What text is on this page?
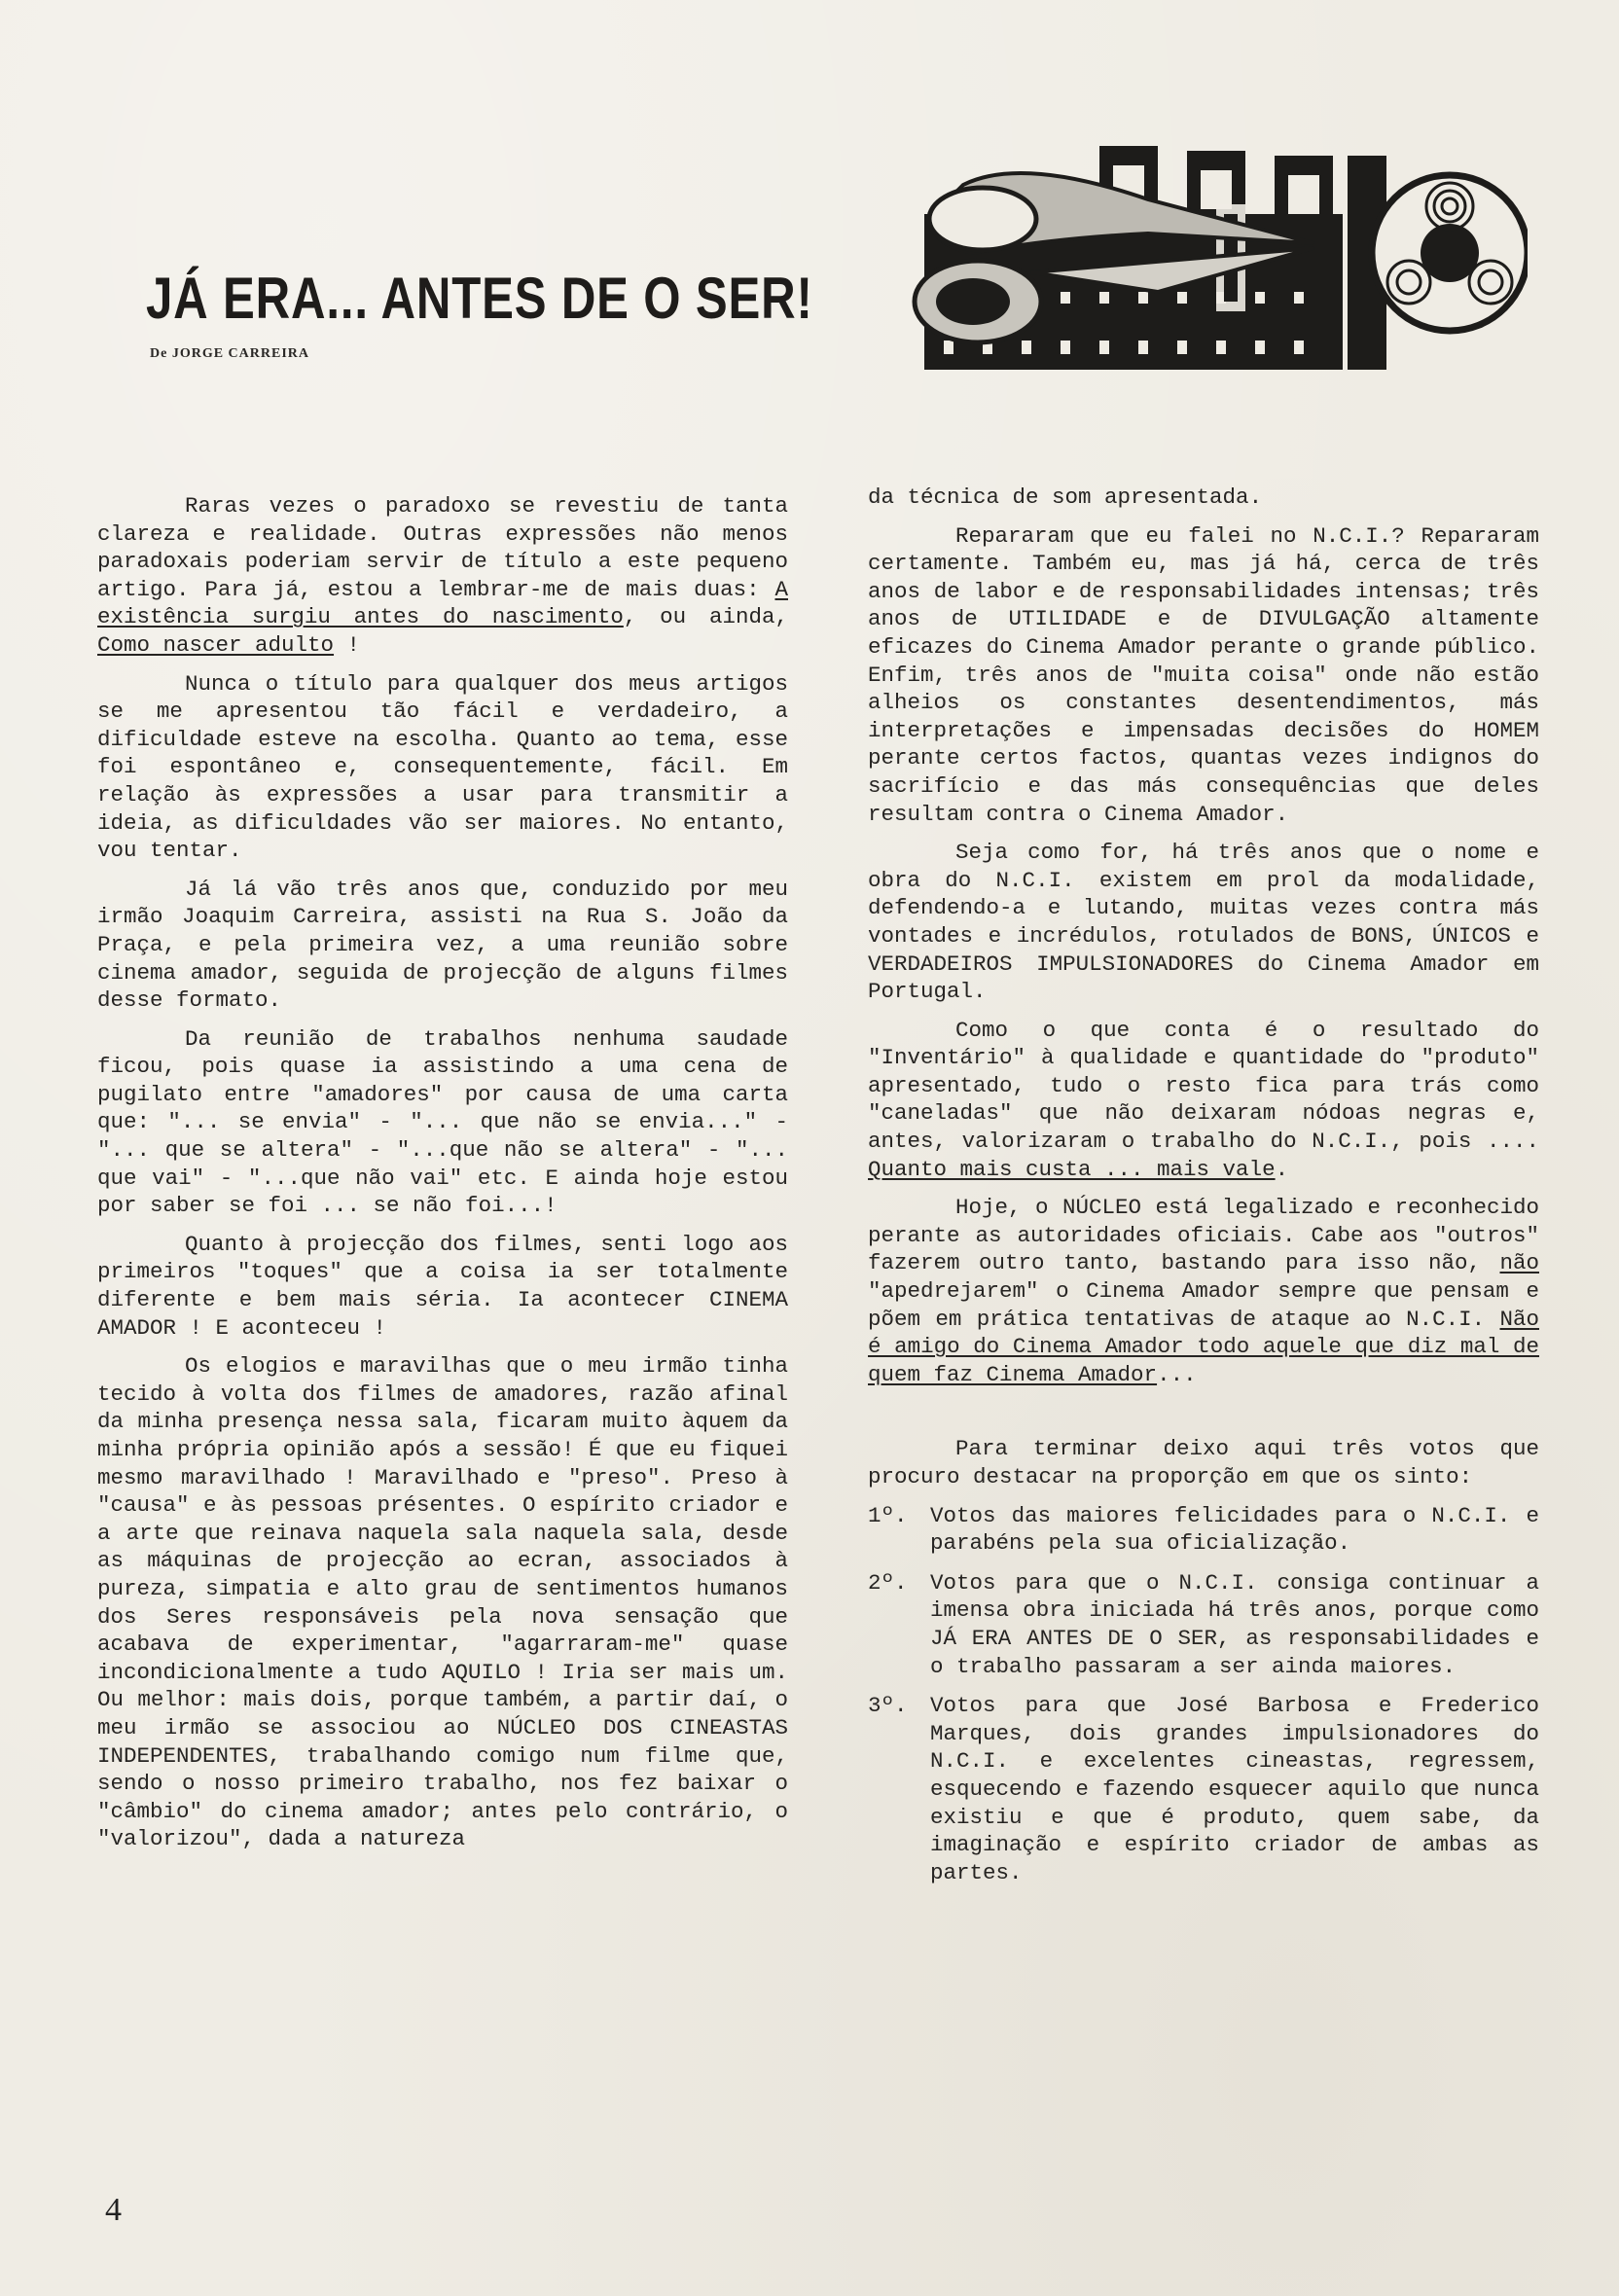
JÁ ERA... ANTES DE O SER!
De JORGE CARREIRA

Raras vezes o paradoxo se revestiu de tanta clareza e realidade. Outras expressões não menos paradoxais poderiam servir de título a este pequeno artigo. Para já, estou a lembrar-me de mais duas: A existência surgiu antes do nascimento, ou ainda, Como nascer adulto !

Nunca o título para qualquer dos meus artigos se me apresentou tão fácil e verdadeiro, a dificuldade esteve na escolha. Quanto ao tema, esse foi espontâneo e, consequentemente, fácil. Em relação às expressões a usar para transmitir a ideia, as dificuldades vão ser maiores. No entanto, vou tentar.

Já lá vão três anos que, conduzido por meu irmão Joaquim Carreira, assisti na Rua S. João da Praça, e pela primeira vez, a uma reunião sobre cinema amador, seguida de projecção de alguns filmes desse formato.

Da reunião de trabalhos nenhuma saudade ficou, pois quase ia assistindo a uma cena de pugilato entre "amadores" por causa de uma carta que: "... se envia" - "... que não se envia..." - "... que se altera" - "...que não se altera" - "... que vai" - "...que não vai" etc. E ainda hoje estou por saber se foi ... se não foi...!

Quanto à projecção dos filmes, senti logo aos primeiros "toques" que a coisa ia ser totalmente diferente e bem mais séria. Ia acontecer CINEMA AMADOR ! E aconteceu !

Os elogios e maravilhas que o meu irmão tinha tecido à volta dos filmes de amadores, razão afinal da minha presença nessa sala, ficaram muito àquem da minha própria opinião após a sessão! É que eu fiquei mesmo maravilhado ! Maravilhado e "preso". Preso à "causa" e às pessoas présentes. O espírito criador e a arte que reinava naquela sala naquela sala, desde as máquinas de projecção ao ecran, associados à pureza, simpatia e alto grau de sentimentos humanos dos Seres responsáveis pela nova sensação que acabava de experimentar, "agarraram-me" quase incondicionalmente a tudo AQUILO ! Iria ser mais um. Ou melhor: mais dois, porque também, a partir daí, o meu irmão se associou ao NÚCLEO DOS CINEASTAS INDEPENDENTES, trabalhando comigo num filme que, sendo o nosso primeiro trabalho, nos fez baixar o "câmbio" do cinema amador; antes pelo contrário, o "valorizou", dada a natureza

da técnica de som apresentada.

Repararam que eu falei no N.C.I.? Repararam certamente. Também eu, mas já há, cerca de três anos de labor e de responsabilidades intensas; três anos de UTILIDADE e de DIVULGAÇÃO altamente eficazes do Cinema Amador perante o grande público. Enfim, três anos de "muita coisa" onde não estão alheios os constantes desentendimentos, más interpretações e impensadas decisões do HOMEM perante certos factos, quantas vezes indignos do sacrifício e das más consequências que deles resultam contra o Cinema Amador.

Seja como for, há três anos que o nome e obra do N.C.I. existem em prol da modalidade, defendendo-a e lutando, muitas vezes contra más vontades e incrédulos, rotulados de BONS, ÚNICOS e VERDADEIROS IMPULSIONADORES do Cinema Amador em Portugal.

Como o que conta é o resultado do "Inventário" à qualidade e quantidade do "produto" apresentado, tudo o resto fica para trás como "caneladas" que não deixaram nódoas negras e, antes, valorizaram o trabalho do N.C.I., pois .... Quanto mais custa ... mais vale.

Hoje, o NÚCLEO está legalizado e reconhecido perante as autoridades oficiais. Cabe aos "outros" fazerem outro tanto, bastando para isso não, não "apedrejarem" o Cinema Amador sempre que pensam e põem em prática tentativas de ataque ao N.C.I. Não é amigo do Cinema Amador todo aquele que diz mal de quem faz Cinema Amador...

Para terminar deixo aqui três votos que procuro destacar na proporção em que os sinto:

1º.	Votos das maiores felicidades para o N.C.I. e parabéns pela sua oficialização.
2º.	Votos para que o N.C.I. consiga continuar a imensa obra iniciada há três anos, porque como JÁ ERA ANTES DE O SER, as responsabilidades e o trabalho passaram a ser ainda maiores.
3º.	Votos para que José Barbosa e Frederico Marques, dois grandes impulsionadores do N.C.I. e excelentes cineastas, regressem, esquecendo e fazendo esquecer aquilo que nunca existiu e que é produto, quem sabe, da imaginação e espírito criador de ambas as partes.
4
